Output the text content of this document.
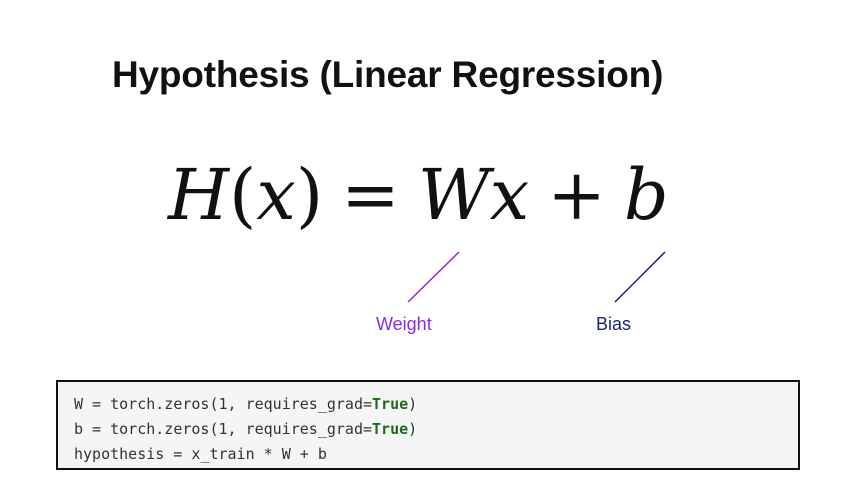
Hypothesis (Linear Regression)
H(x) = Wx + b
Weight	Bias
W = torch.zeros(1, requires_grad=True)
b = torch.zeros(1, requires_grad=True)
hypothesis = x_train * W + b
